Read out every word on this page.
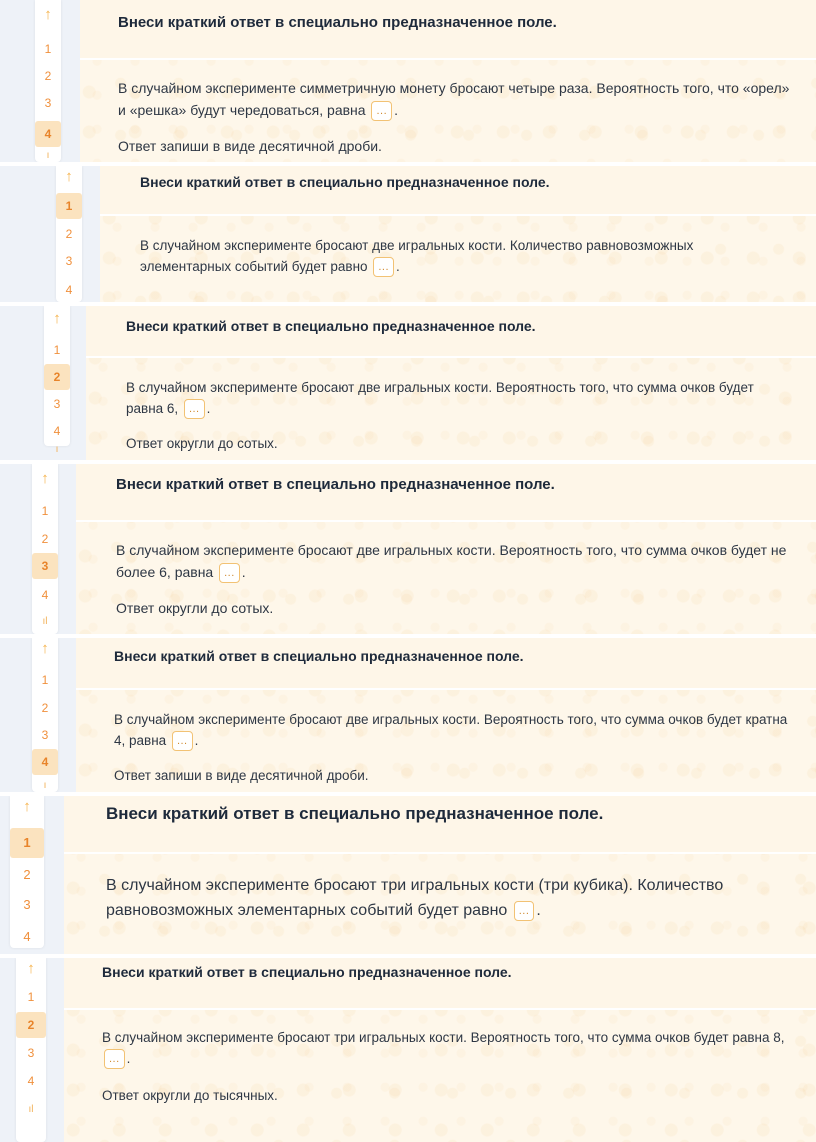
↑
1
2
3
4
ı
Внеси краткий ответ в специально предназначенное поле.
В случайном эксперименте симметричную монету бросают четыре раза. Вероятность того, что «орел» и «решка» будут чередоваться, равна ... .
Ответ запиши в виде десятичной дроби.
↑
1
2
3
4
Внеси краткий ответ в специально предназначенное поле.
В случайном эксперименте бросают две игральных кости. Количество равновозможных элементарных событий будет равно ... .
↑
1
2
3
4
ı
Внеси краткий ответ в специально предназначенное поле.
В случайном эксперименте бросают две игральных кости. Вероятность того, что сумма очков будет равна 6, ... .
Ответ округли до сотых.
↑
1
2
3
4
ıl
Внеси краткий ответ в специально предназначенное поле.
В случайном эксперименте бросают две игральных кости. Вероятность того, что сумма очков будет не более 6, равна ... .
Ответ округли до сотых.
↑
1
2
3
4
ı
Внеси краткий ответ в специально предназначенное поле.
В случайном эксперименте бросают две игральных кости. Вероятность того, что сумма очков будет кратна 4, равна ... .
Ответ запиши в виде десятичной дроби.
↑
1
2
3
4
Внеси краткий ответ в специально предназначенное поле.
В случайном эксперименте бросают три игральных кости (три кубика). Количество равновозможных элементарных событий будет равно ... .
↑
1
2
3
4
ıl
Внеси краткий ответ в специально предназначенное поле.
В случайном эксперименте бросают три игральных кости. Вероятность того, что сумма очков будет равна 8, ... .
Ответ округли до тысячных.
